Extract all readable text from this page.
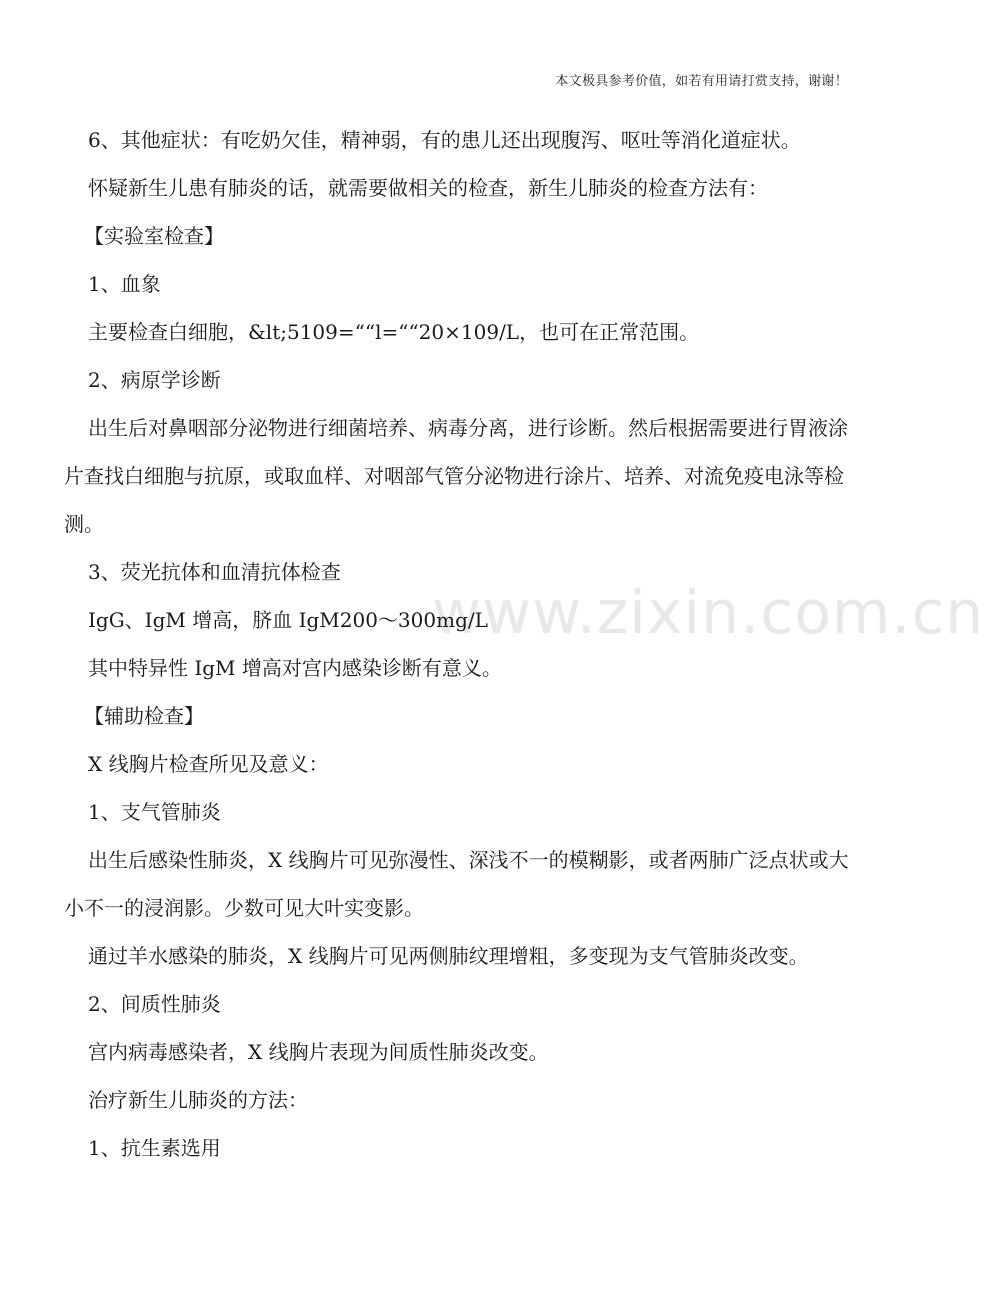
本文极具参考价值，如若有用请打赏支持，谢谢！
www.zixin.com.cn

6、其他症状：有吃奶欠佳，精神弱，有的患儿还出现腹泻、呕吐等消化道症状。

怀疑新生儿患有肺炎的话，就需要做相关的检查，新生儿肺炎的检查方法有：

【实验室检查】

1、血象

主要检查白细胞，&lt;5109=““l=““20×109/L，也可在正常范围。

2、病原学诊断

出生后对鼻咽部分泌物进行细菌培养、病毒分离，进行诊断。然后根据需要进行胃液涂片查找白细胞与抗原，或取血样、对咽部气管分泌物进行涂片、培养、对流免疫电泳等检测。

3、荧光抗体和血清抗体检查

IgG、IgM 增高，脐血 IgM200～300mg/L

其中特异性 IgM 增高对宫内感染诊断有意义。

【辅助检查】

X 线胸片检查所见及意义：

1、支气管肺炎

出生后感染性肺炎，X 线胸片可见弥漫性、深浅不一的模糊影，或者两肺广泛点状或大小不一的浸润影。少数可见大叶实变影。

通过羊水感染的肺炎，X 线胸片可见两侧肺纹理增粗，多变现为支气管肺炎改变。

2、间质性肺炎

宫内病毒感染者，X 线胸片表现为间质性肺炎改变。

治疗新生儿肺炎的方法：

1、抗生素选用
